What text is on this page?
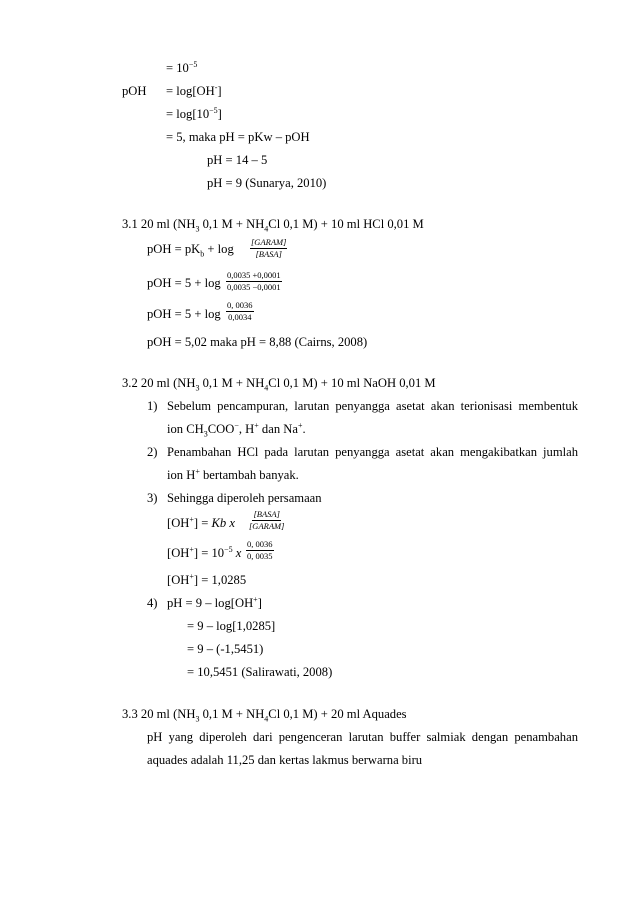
= $10^{-5}$
pOH = log[OH-]
= $\log[10^{-5}]$
= 5, maka pH = pKw – pOH
pH = 14 – 5
pH = 9 (Sunarya, 2010)
3.1 20 ml ($NH_3$ 0,1 $M + NH_4Cl$ 0,1 M) + 10 ml HCl 0,01 M
pOH = $pK_b + \log$ [GARAM]
[BASA]
pOH = $5 + \log \frac{0,0035 +0,0001}{0,0035 -0,0001}$
pOH = $5 + \log \frac{0, 0036}{0,0034}$
pOH = 5,02 maka pH = 8,88 (Cairns, 2008)
3.2 20 ml ($NH_3$ 0,1 $M + NH_4Cl$ 0,1 M) + 10 ml NaOH 0,01 M
1) Sebelum pencampuran, larutan penyangga asetat akan terionisasi membentuk
ion $CH_3COO^-$, H+ dan Na+.
2) Penambahan HCl pada larutan penyangga asetat akan mengakibatkan jumlah
ion H+ bertambah banyak.
3) Sehingga diperoleh persamaan
[OH+] = Kb x
[BASA]
[GARAM]
$[OH^+] = 10^{-5}$ x $\frac{0, 0036}{0, 0035}$
[OH+] = 1,0285
4) pH = 9 – log[OH+]
= 9 – log[1,0285]
= 9 – (-1,5451)
= 10,5451 (Salirawati, 2008)
3.3 20 ml ($NH_3$ 0,1 $M + NH_4Cl$ 0,1 M) + 20 ml Aquades
pH yang diperoleh dari pengenceran larutan buffer salmiak dengan penambahan
aquades adalah 11,25 dan kertas lakmus berwarna biru
